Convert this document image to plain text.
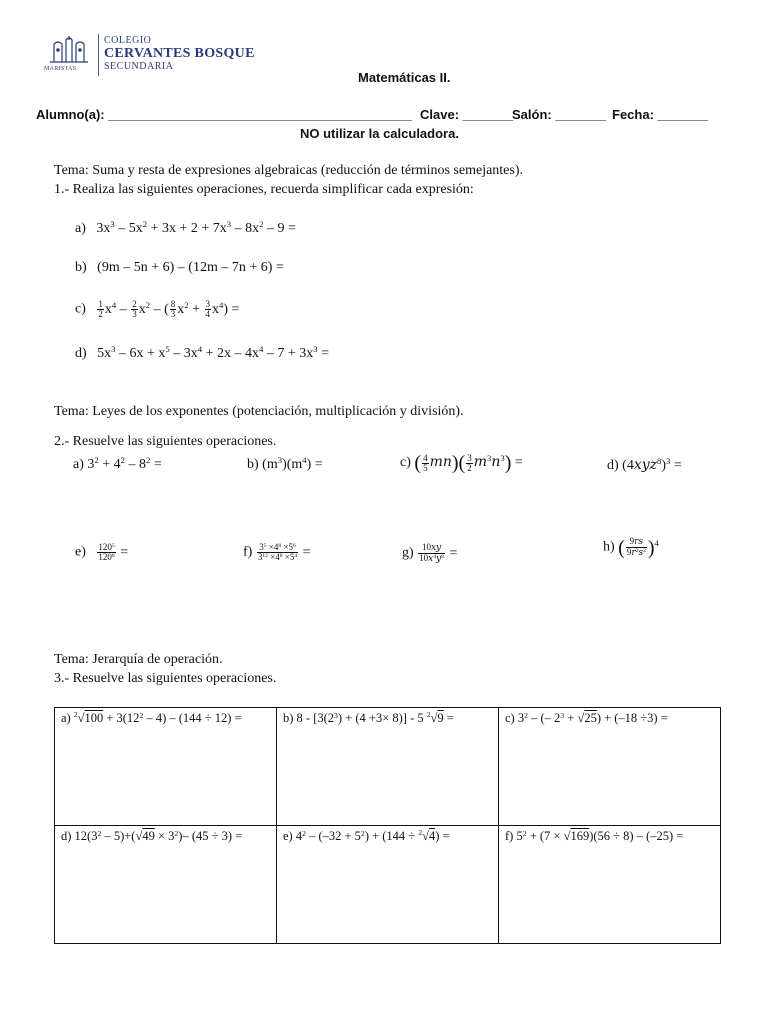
MARISTAS
COLEGIO
CERVANTES BOSQUE
SECUNDARIA
Matemáticas II.
Alumno(a): __________________________________________ Clave: _______
Salón: _______ Fecha: _______
NO utilizar la calculadora.
Tema: Suma y resta de expresiones algebraicas (reducción de términos semejantes).
1.- Realiza las siguientes operaciones, recuerda simplificar cada expresión:
a) $3x^3 - 5x^2 + 3x + 2 + 7x^3 - 8x^2 - 9$ =
b) (9m – 5n + 6) – (12m – 7n + 6) =
$c) \frac{1}{2} x^4 - \frac{2}{3} x^2$ – ( $\frac{8}{3} x^2 + \frac{3}{4} x^4$) =
d) $5x^3 - 6x + x^5 - 3x^4 + 2x - 4x^4 - 7 + 3x^3$ =
Tema: Leyes de los exponentes (potenciación, multiplicación y división).
2.- Resuelve las siguientes operaciones.
a) $3^2 + 4^2 - 8^2$ =	b) $(m^3)(m^4)$ =	c) ( $\frac{4}{5} mn)( \frac{3}{2} m^3n^3)$ =	d) $(4xyz^8)^3$ =
$e) \frac{120^5}{120^8}$ =	$f) \frac{3^5 \times 4^8 \times 5^6}{3^{12} \times 4^8 \times 5^4}$ =	$g) \frac{10xy}{10x^4y^8}$ =	h) ( $\frac{9rs}{9r^2s^2} )^4$
Tema: Jerarquía de operación.
3.- Resuelve las siguientes operaciones.
a) $^2√100 + 3(12^2 - 4) - (144 \div 12)$ =	b) $8 - [3(2^3) + (4 +3\times 8)] - 5$ $^2$√9 =	c) $3^2$ – (– $2^3 + √25) + (-18 \div 3)$ =
d) $12(3^2 - 5)+(√49 \times 3^2)-$ (45 ÷ 3) =	e) $4^2 - (-32 + 5^2) + (144 \div ^2√4)$ =	f) $5^2 + (7 \times √169)(56 \div 8) - (-25)$ =
